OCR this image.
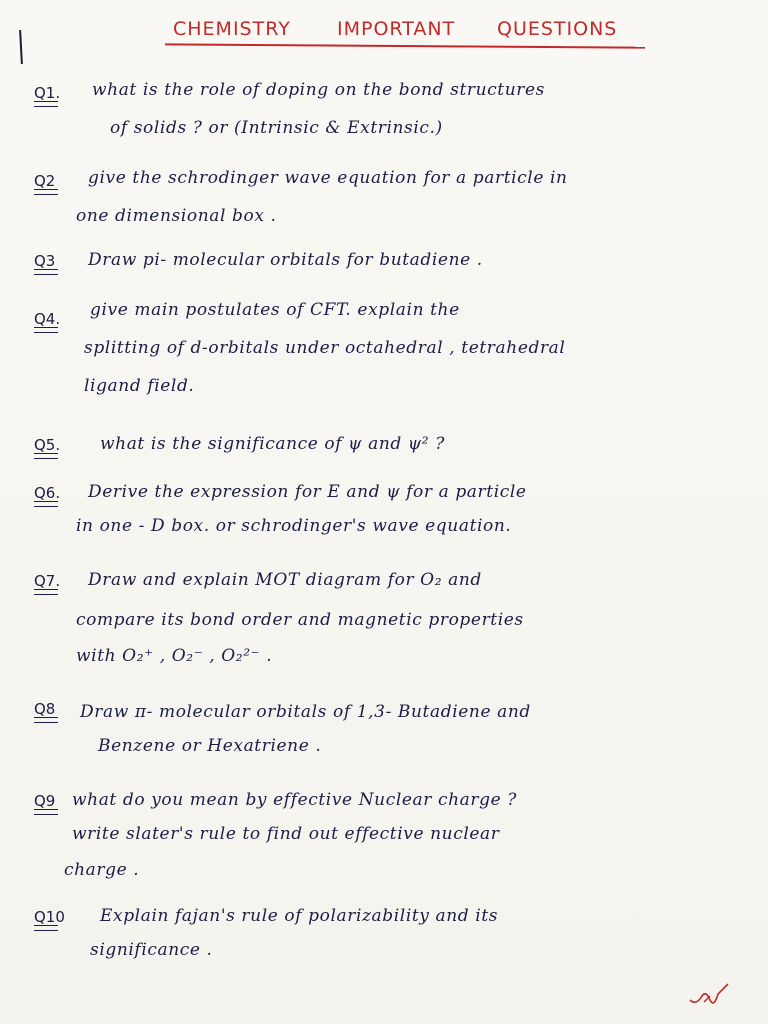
CHEMISTRY IMPORTANT QUESTIONS
Q1. what is the role of doping on the bond structures
of solids ? or (Intrinsic & Extrinsic.)
Q2 give the schrodinger wave equation for a particle in
one dimensional box .
Q3 Draw pi- molecular orbitals for butadiene .
Q4. give main postulates of CFT. explain the
splitting of d-orbitals under octahedral , tetrahedral
ligand field.
Q5. what is the significance of ψ and ψ² ?
Q6. Derive the expression for E and ψ for a particle
in one - D box. or schrodinger's wave equation.
Q7. Draw and explain MOT diagram for O₂ and
compare its bond order and magnetic properties
with O₂⁺ , O₂⁻ , O₂²⁻ .
Q8 Draw π- molecular orbitals of 1,3- Butadiene and
Benzene or Hexatriene .
Q9 what do you mean by effective Nuclear charge ?
write slater's rule to find out effective nuclear
charge .
Q10 Explain fajan's rule of polarizability and its
significance .
